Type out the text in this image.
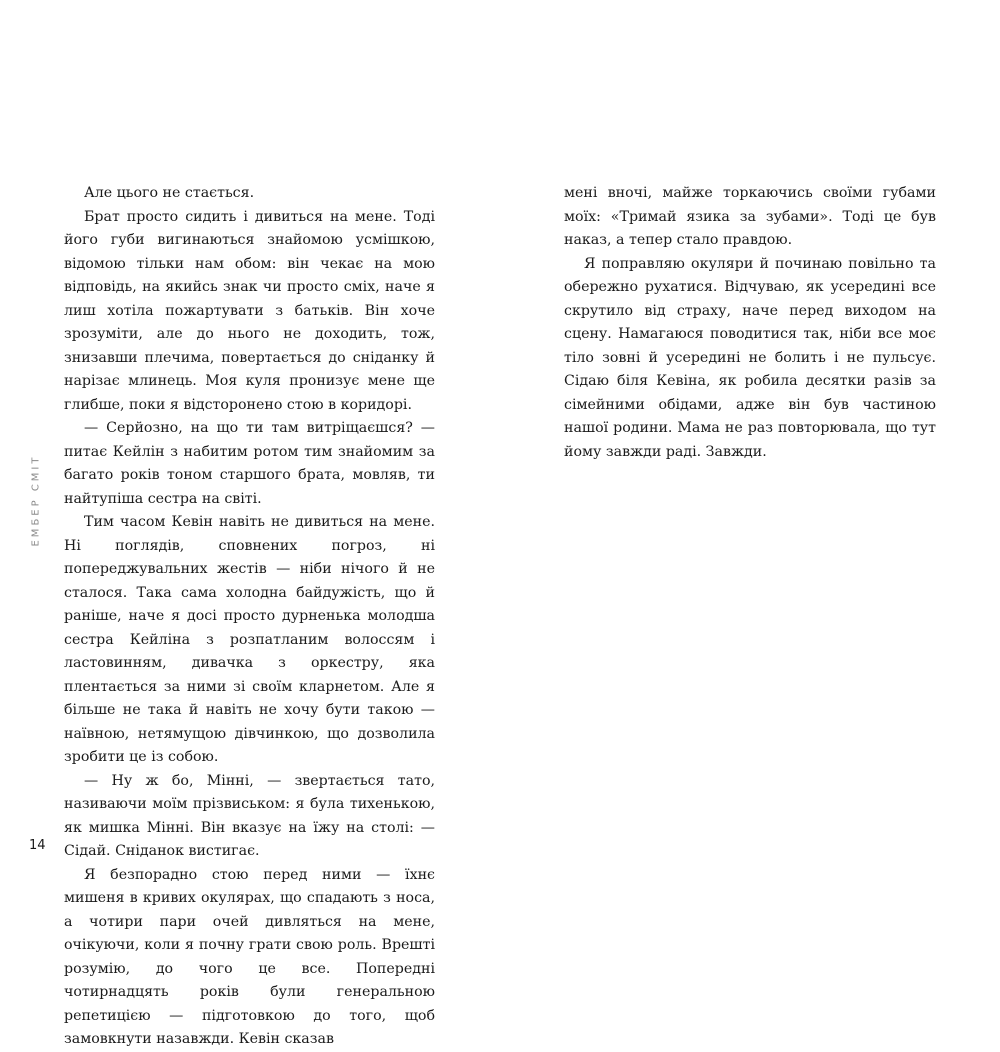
ЕМБЕР СМІТ

Але цього не стається.

Брат просто сидить і дивиться на мене. Тоді його губи вигинаються знайомою усмішкою, відомою тільки нам обом: він чекає на мою відповідь, на якийсь знак чи просто сміх, наче я лиш хотіла пожартувати з батьків. Він хоче зрозуміти, але до нього не доходить, тож, знизавши плечима, повертається до сніданку й нарізає млинець. Моя куля пронизує мене ще глибше, поки я відсторонено стою в коридорі.

— Серйозно, на що ти там витріщаєшся? — питає Кейлін з набитим ротом тим знайомим за багато років тоном старшого брата, мовляв, ти найтупіша сестра на світі.

Тим часом Кевін навіть не дивиться на мене. Ні поглядів, сповнених погроз, ні попереджувальних жестів — ніби нічого й не сталося. Така сама холодна байдужість, що й раніше, наче я досі просто дурненька молодша сестра Кейліна з розпатланим волоссям і ластовинням, дивачка з оркестру, яка плентається за ними зі своїм кларнетом. Але я більше не така й навіть не хочу бути такою — наївною, нетямущою дівчинкою, що дозволила зробити це із собою.

— Ну ж бо, Мінні, — звертається тато, називаючи моїм прізвиськом: я була тихенькою, як мишка Мінні. Він вказує на їжу на столі: — Сідай. Сніданок вистигає.

Я безпорадно стою перед ними — їхнє мишеня в кривих окулярах, що спадають з носа, а чотири пари очей дивляться на мене, очікуючи, коли я почну грати свою роль. Врешті розумію, до чого це все. Попередні чотирнадцять років були генеральною репетицією — підготовкою до того, щоб замовкнути назавжди. Кевін сказав

мені вночі, майже торкаючись своїми губами моїх: «Тримай язика за зубами». Тоді це був наказ, а тепер стало правдою.

Я поправляю окуляри й починаю повільно та обережно рухатися. Відчуваю, як усередині все скрутило від страху, наче перед виходом на сцену. Намагаюся поводитися так, ніби все моє тіло зовні й усередині не болить і не пульсує. Сідаю біля Кевіна, як робила десятки разів за сімейними обідами, адже він був частиною нашої родини. Мама не раз повторювала, що тут йому завжди раді. Завжди.

14
